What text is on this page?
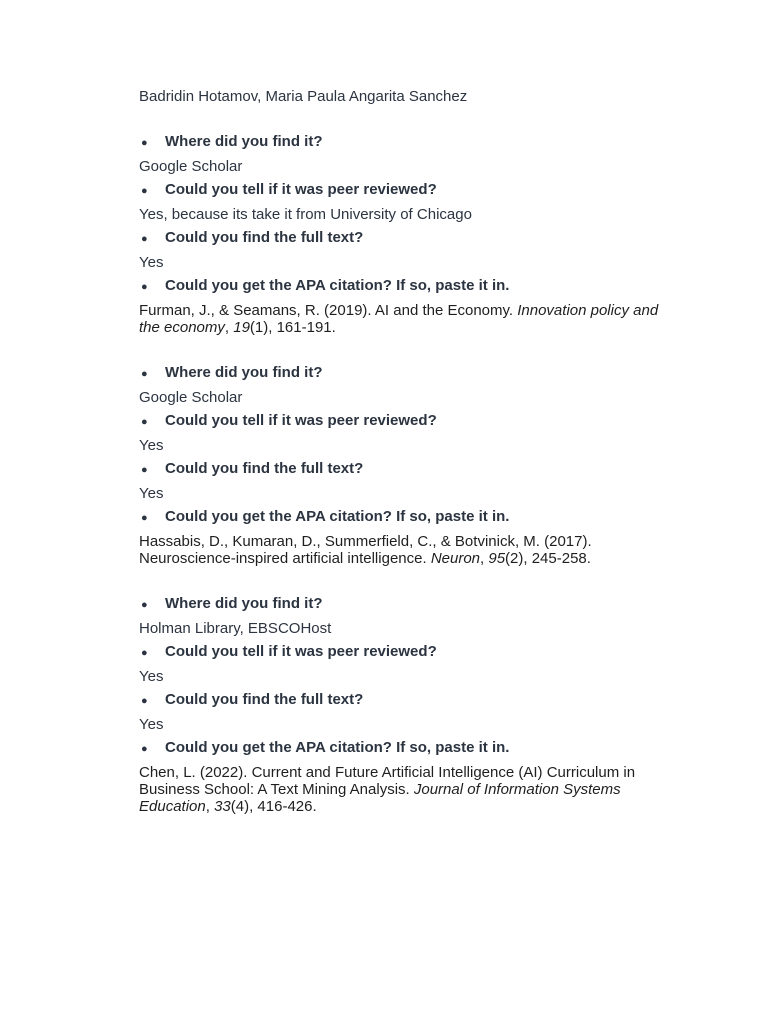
Badridin Hotamov, Maria Paula Angarita Sanchez

●	Where did you find it?

Google Scholar

●	Could you tell if it was peer reviewed?

Yes, because its take it from University of Chicago

●	Could you find the full text?

Yes

●	Could you get the APA citation? If so, paste it in.

Furman, J., & Seamans, R. (2019). AI and the Economy. Innovation policy and the economy, 19(1), 161-191.

●	Where did you find it?

Google Scholar

●	Could you tell if it was peer reviewed?

Yes

●	Could you find the full text?

Yes

●	Could you get the APA citation? If so, paste it in.

Hassabis, D., Kumaran, D., Summerfield, C., & Botvinick, M. (2017). Neuroscience-inspired artificial intelligence. Neuron, 95(2), 245-258.

●	Where did you find it?

Holman Library, EBSCOHost

●	Could you tell if it was peer reviewed?

Yes

●	Could you find the full text?

Yes

●	Could you get the APA citation? If so, paste it in.

Chen, L. (2022). Current and Future Artificial Intelligence (AI) Curriculum in Business School: A Text Mining Analysis. Journal of Information Systems Education, 33(4), 416-426.
